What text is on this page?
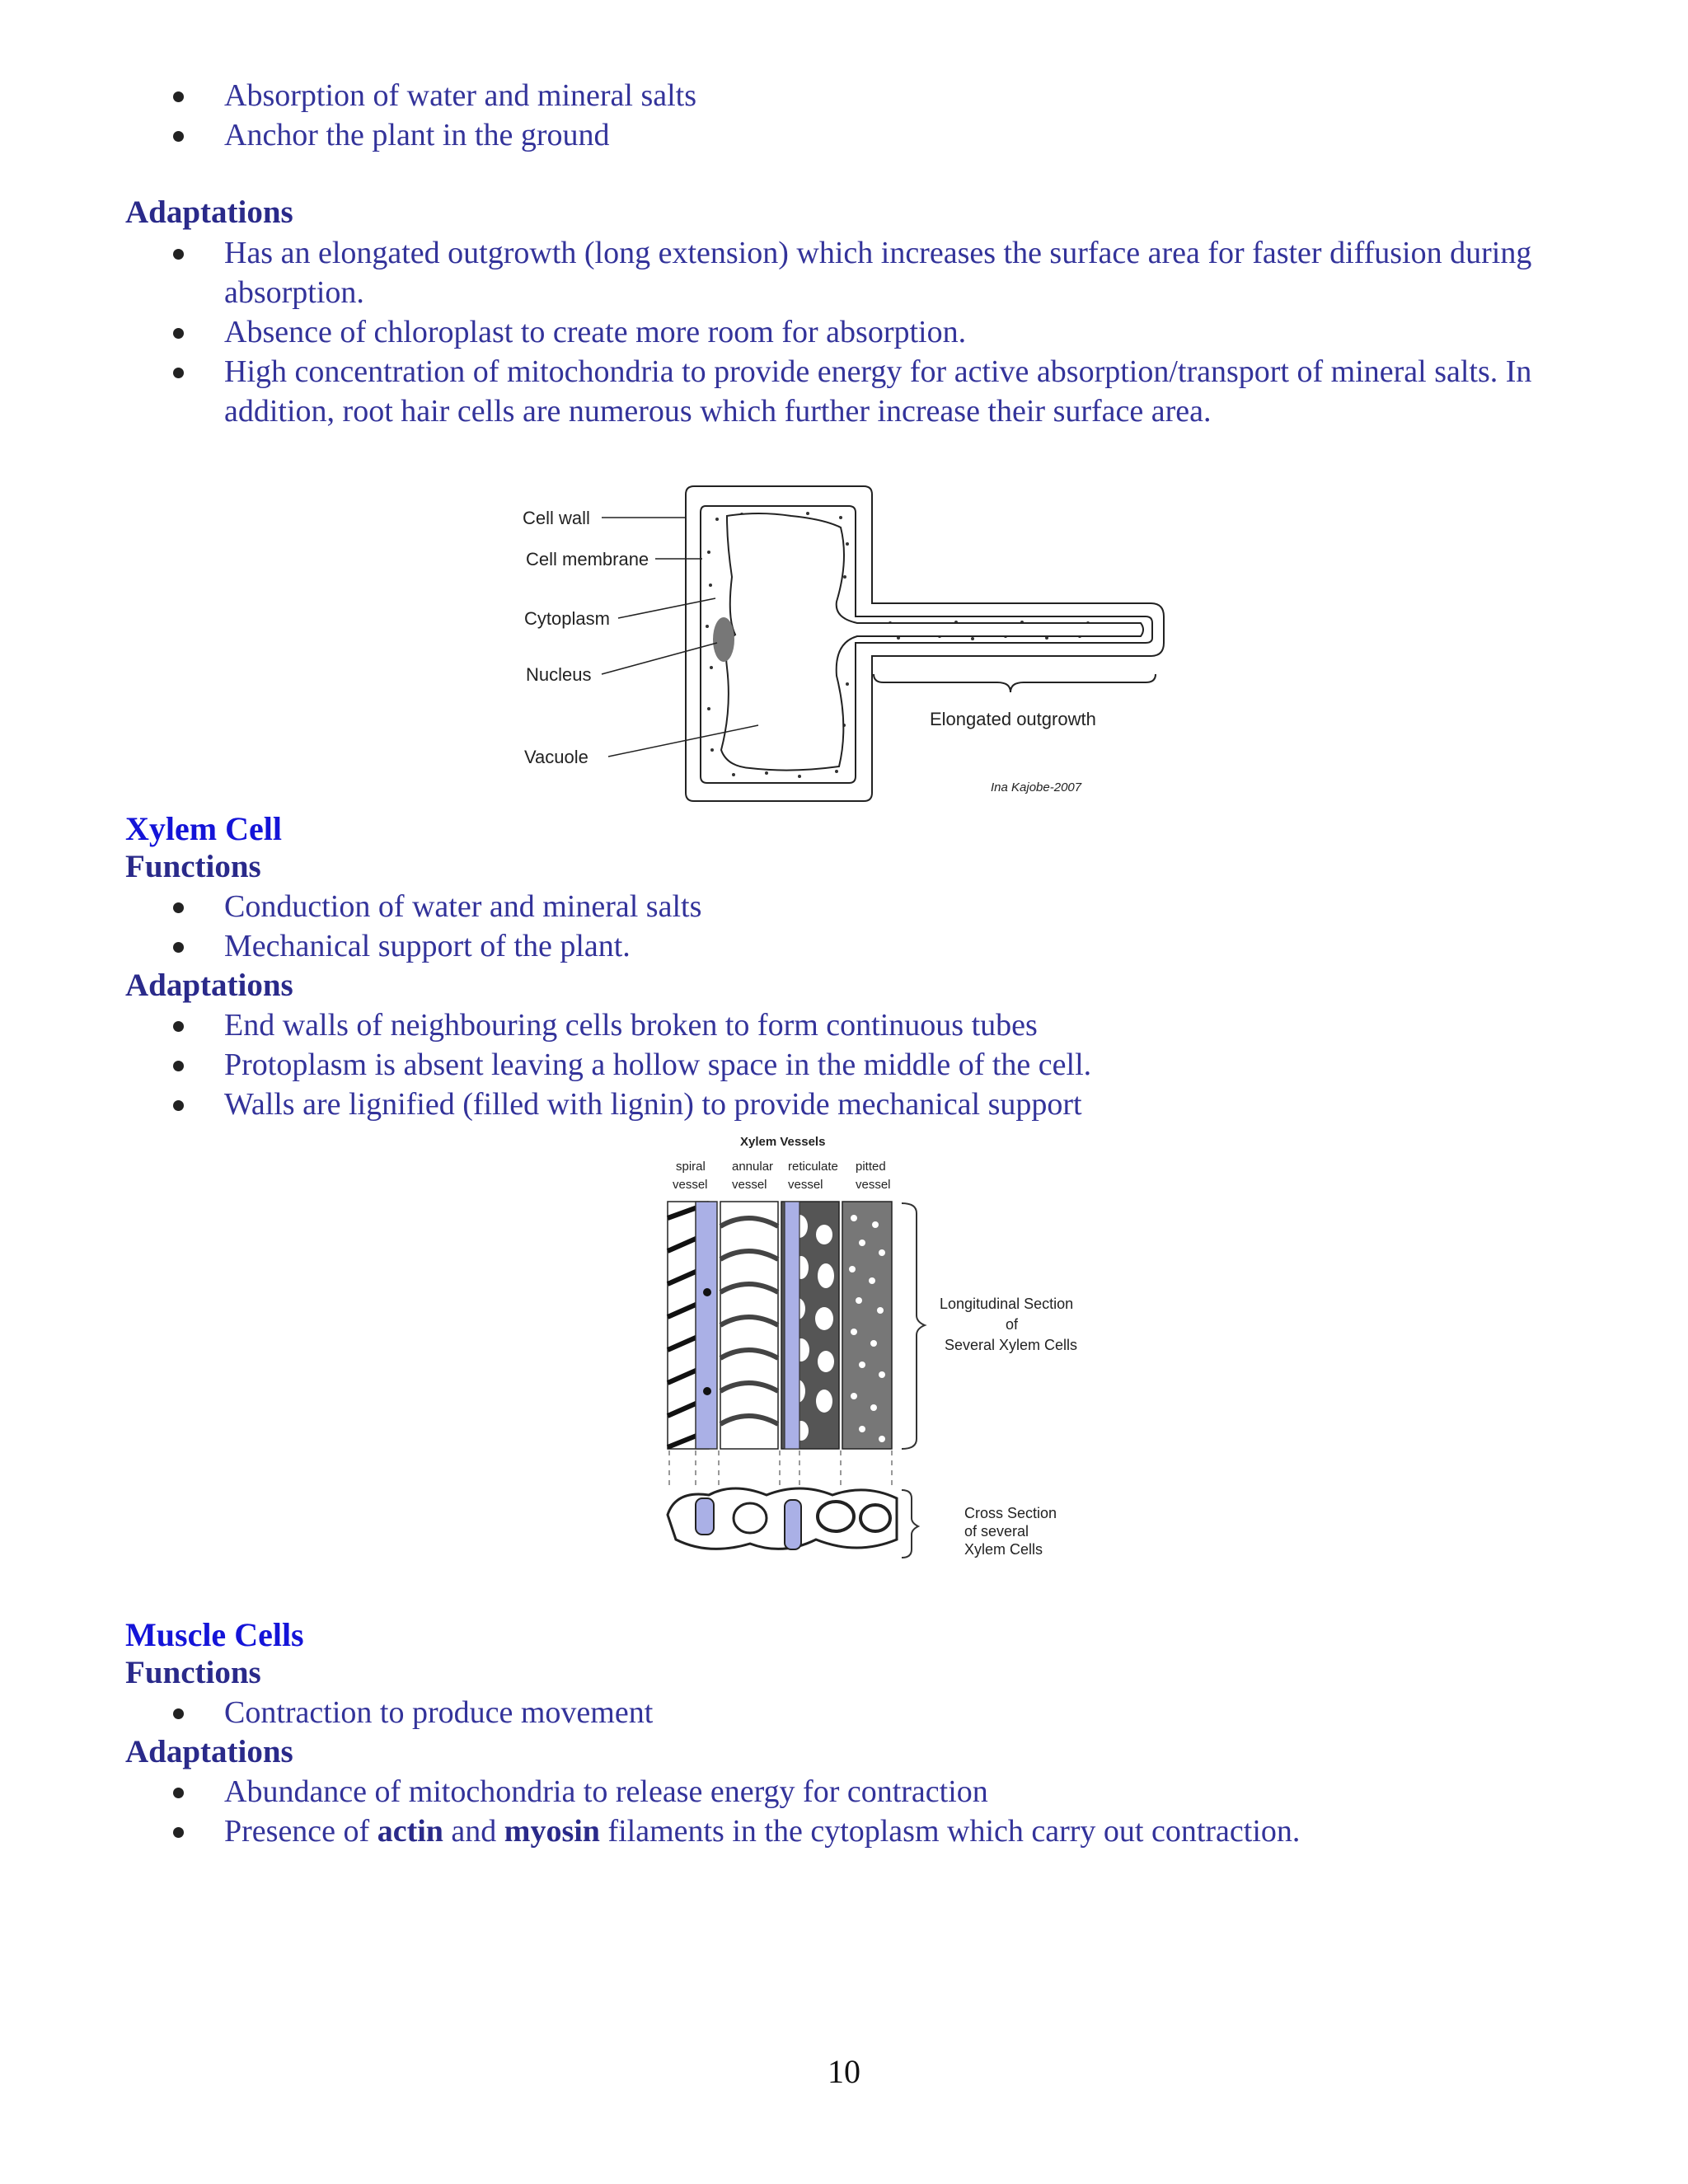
Absorption of water and mineral salts
Anchor the plant in the ground
Adaptations
Has an elongated outgrowth (long extension) which increases the surface area for faster diffusion during absorption.
Absence of chloroplast to create more room for absorption.
High concentration of mitochondria to provide energy for active absorption/transport of mineral salts. In addition, root hair cells are numerous which further increase their surface area.
Cell wall
Cell membrane
Cytoplasm
Nucleus
Vacuole
Elongated outgrowth
Ina Kajobe-2007
Xylem Cell
Functions
Conduction of water and mineral salts
Mechanical support of the plant.
Adaptations
End walls of neighbouring cells broken to form continuous tubes
Protoplasm is absent leaving a hollow space in the middle of the cell.
Walls are lignified (filled with lignin) to provide mechanical support
Xylem Vessels
spiral
vessel
annular
vessel
reticulate
vessel
pitted
vessel
Longitudinal Section
of
Several Xylem Cells
Cross Section
of several
Xylem Cells
Muscle Cells
Functions
Contraction to produce movement
Adaptations
Abundance of mitochondria to release energy for contraction
Presence of actin and myosin filaments in the cytoplasm which carry out contraction.
10
